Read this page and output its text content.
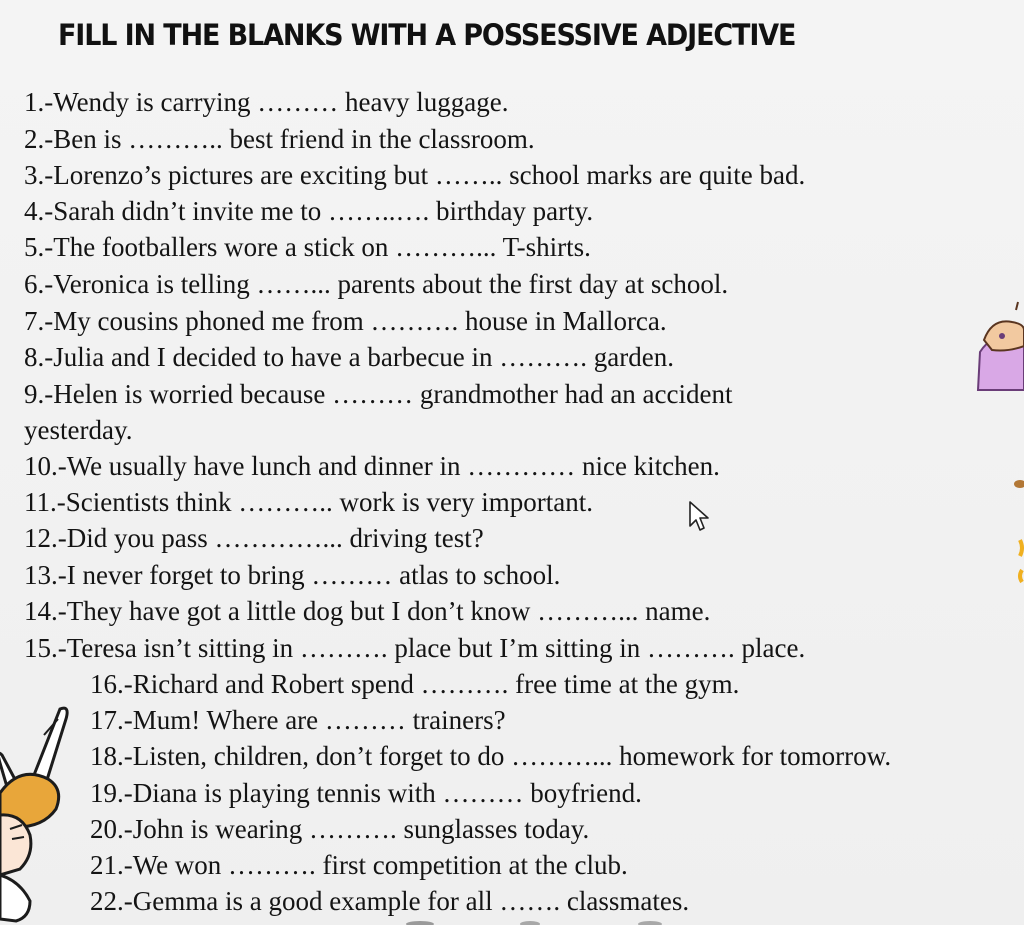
FILL IN THE BLANKS WITH A POSSESSIVE ADJECTIVE
1.-Wendy is carrying ……… heavy luggage.
2.-Ben is ……….. best friend in the classroom.
3.-Lorenzo’s pictures are exciting but …….. school marks are quite bad.
4.-Sarah didn’t invite me to ……..…. birthday party.
5.-The footballers wore a stick on ………... T-shirts.
6.-Veronica is telling ……... parents about the first day at school.
7.-My cousins phoned me from ………. house in Mallorca.
8.-Julia and I decided to have a barbecue in ………. garden.
9.-Helen is worried because ……… grandmother had an accident
yesterday.
10.-We usually have lunch and dinner in ………… nice kitchen.
11.-Scientists think ……….. work is very important.
12.-Did you pass …………... driving test?
13.-I never forget to bring ……… atlas to school.
14.-They have got a little dog but I don’t know ………... name.
15.-Teresa isn’t sitting in ………. place but I’m sitting in ………. place.
16.-Richard and Robert spend ………. free time at the gym.
17.-Mum! Where are ……… trainers?
18.-Listen, children, don’t forget to do ………... homework for tomorrow.
19.-Diana is playing tennis with ……… boyfriend.
20.-John is wearing ………. sunglasses today.
21.-We won ………. first competition at the club.
22.-Gemma is a good example for all ……. classmates.
